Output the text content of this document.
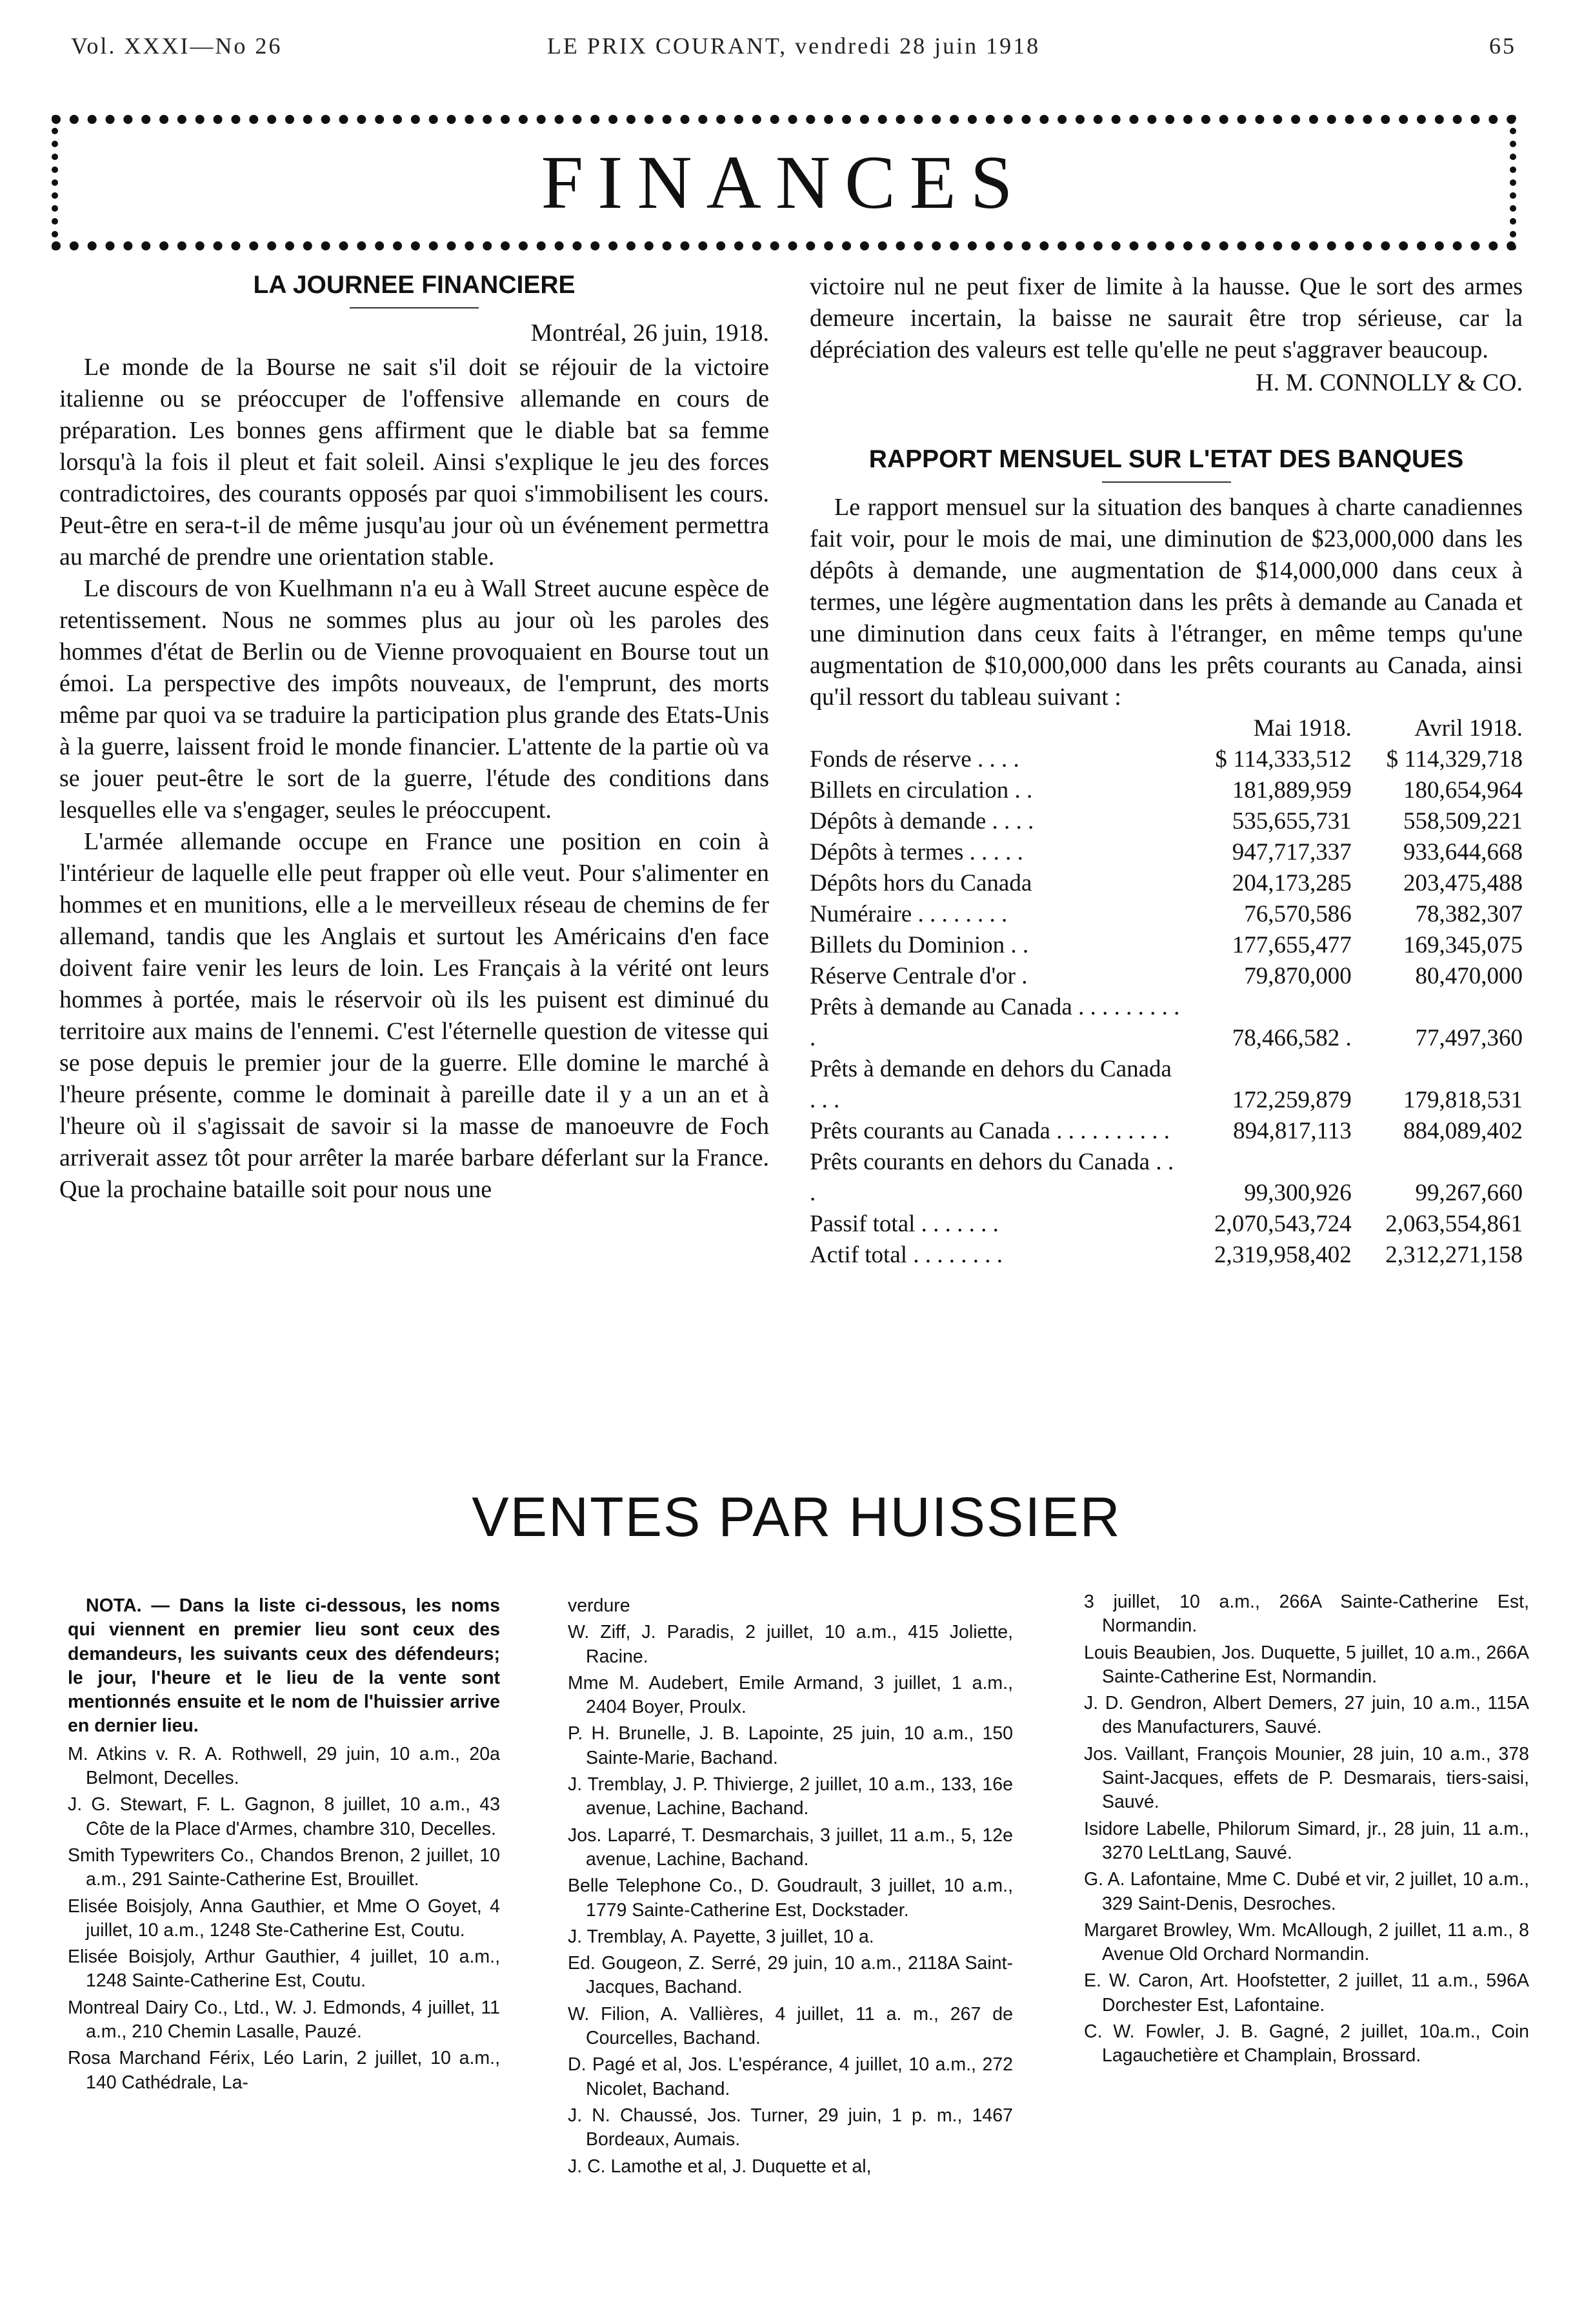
Vol. XXXI—No 26	LE PRIX COURANT, vendredi 28 juin 1918	65
FINANCES
LA JOURNEE FINANCIERE
Montréal, 26 juin, 1918.

Le monde de la Bourse ne sait s'il doit se réjouir de la victoire italienne ou se préoccuper de l'offensive allemande en cours de préparation. Les bonnes gens affirment que le diable bat sa femme lorsqu'à la fois il pleut et fait soleil. Ainsi s'explique le jeu des forces contradictoires, des courants opposés par quoi s'immobilisent les cours. Peut-être en sera-t-il de même jusqu'au jour où un événement permettra au marché de prendre une orientation stable.

Le discours de von Kuelhmann n'a eu à Wall Street aucune espèce de retentissement. Nous ne sommes plus au jour où les paroles des hommes d'état de Berlin ou de Vienne provoquaient en Bourse tout un émoi. La perspective des impôts nouveaux, de l'emprunt, des morts même par quoi va se traduire la participation plus grande des Etats-Unis à la guerre, laissent froid le monde financier. L'attente de la partie où va se jouer peut-être le sort de la guerre, l'étude des conditions dans lesquelles elle va s'engager, seules le préoccupent.

L'armée allemande occupe en France une position en coin à l'intérieur de laquelle elle peut frapper où elle veut. Pour s'alimenter en hommes et en munitions, elle a le merveilleux réseau de chemins de fer allemand, tandis que les Anglais et surtout les Américains d'en face doivent faire venir les leurs de loin. Les Français à la vérité ont leurs hommes à portée, mais le réservoir où ils les puisent est diminué du territoire aux mains de l'ennemi. C'est l'éternelle question de vitesse qui se pose depuis le premier jour de la guerre. Elle domine le marché à l'heure présente, comme le dominait à pareille date il y a un an et à l'heure où il s'agissait de savoir si la masse de manoeuvre de Foch arriverait assez tôt pour arrêter la marée barbare déferlant sur la France. Que la prochaine bataille soit pour nous une

victoire nul ne peut fixer de limite à la hausse. Que le sort des armes demeure incertain, la baisse ne saurait être trop sérieuse, car la dépréciation des valeurs est telle qu'elle ne peut s'aggraver beaucoup.

H. M. CONNOLLY & CO.
RAPPORT MENSUEL SUR L'ETAT DES BANQUES

Le rapport mensuel sur la situation des banques à charte canadiennes fait voir, pour le mois de mai, une diminution de $23,000,000 dans les dépôts à demande, une augmentation de $14,000,000 dans ceux à termes, une légère augmentation dans les prêts à demande au Canada et une diminution dans ceux faits à l'étranger, en même temps qu'une augmentation de $10,000,000 dans les prêts courants au Canada, ainsi qu'il ressort du tableau suivant :

	Mai 1918.	Avril 1918.
Fonds de réserve . . . .	$ 114,333,512	$ 114,329,718
Billets en circulation . .	181,889,959	180,654,964
Dépôts à demande . . . .	535,655,731	558,509,221
Dépôts à termes . . . . .	947,717,337	933,644,668
Dépôts hors du Canada	204,173,285	203,475,488
Numéraire . . . . . . . .	76,570,586	78,382,307
Billets du Dominion . .	177,655,477	169,345,075
Réserve Centrale d'or .	79,870,000	80,470,000
Prêts à demande au Canada . . . . . . . . . .	78,466,582 .	77,497,360
Prêts à demande en dehors du Canada . . .	172,259,879	179,818,531
Prêts courants au Canada . . . . . . . . . .	894,817,113	884,089,402
Prêts courants en dehors du Canada . . .	99,300,926	99,267,660
Passif total . . . . . . .	2,070,543,724	2,063,554,861
Actif total . . . . . . . .	2,319,958,402	2,312,271,158
VENTES PAR HUISSIER
NOTA. — Dans la liste ci-dessous, les noms qui viennent en premier lieu sont ceux des demandeurs, les suivants ceux des défendeurs; le jour, l'heure et le lieu de la vente sont mentionnés ensuite et le nom de l'huissier arrive en dernier lieu.
M. Atkins v. R. A. Rothwell, 29 juin, 10 a.m., 20a Belmont, Decelles.
J. G. Stewart, F. L. Gagnon, 8 juillet, 10 a.m., 43 Côte de la Place d'Armes, chambre 310, Decelles.
Smith Typewriters Co., Chandos Brenon, 2 juillet, 10 a.m., 291 Sainte-Catherine Est, Brouillet.
Elisée Boisjoly, Anna Gauthier, et Mme O Goyet, 4 juillet, 10 a.m., 1248 Ste-Catherine Est, Coutu.
Elisée Boisjoly, Arthur Gauthier, 4 juillet, 10 a.m., 1248 Sainte-Catherine Est, Coutu.
Montreal Dairy Co., Ltd., W. J. Edmonds, 4 juillet, 11 a.m., 210 Chemin Lasalle, Pauzé.
Rosa Marchand Férix, Léo Larin, 2 juillet, 10 a.m., 140 Cathédrale, La-
verdure
W. Ziff, J. Paradis, 2 juillet, 10 a.m., 415 Joliette, Racine.
Mme M. Audebert, Emile Armand, 3 juillet, 1 a.m., 2404 Boyer, Proulx.
P. H. Brunelle, J. B. Lapointe, 25 juin, 10 a.m., 150 Sainte-Marie, Bachand.
J. Tremblay, J. P. Thivierge, 2 juillet, 10 a.m., 133, 16e avenue, Lachine, Bachand.
Jos. Laparré, T. Desmarchais, 3 juillet, 11 a.m., 5, 12e avenue, Lachine, Bachand.
Belle Telephone Co., D. Goudrault, 3 juillet, 10 a.m., 1779 Sainte-Catherine Est, Dockstader.
J. Tremblay, A. Payette, 3 juillet, 10 a.
Ed. Gougeon, Z. Serré, 29 juin, 10 a.m., 2118A Saint-Jacques, Bachand.
W. Filion, A. Vallières, 4 juillet, 11 a. m., 267 de Courcelles, Bachand.
D. Pagé et al, Jos. L'espérance, 4 juillet, 10 a.m., 272 Nicolet, Bachand.
J. N. Chaussé, Jos. Turner, 29 juin, 1 p. m., 1467 Bordeaux, Aumais.
J. C. Lamothe et al, J. Duquette et al,
3 juillet, 10 a.m., 266A Sainte-Catherine Est, Normandin.
Louis Beaubien, Jos. Duquette, 5 juillet, 10 a.m., 266A Sainte-Catherine Est, Normandin.
J. D. Gendron, Albert Demers, 27 juin, 10 a.m., 115A des Manufacturers, Sauvé.
Jos. Vaillant, François Mounier, 28 juin, 10 a.m., 378 Saint-Jacques, effets de P. Desmarais, tiers-saisi, Sauvé.
Isidore Labelle, Philorum Simard, jr., 28 juin, 11 a.m., 3270 LeLtLang, Sauvé.
G. A. Lafontaine, Mme C. Dubé et vir, 2 juillet, 10 a.m., 329 Saint-Denis, Desroches.
Margaret Browley, Wm. McAllough, 2 juillet, 11 a.m., 8 Avenue Old Orchard Normandin.
E. W. Caron, Art. Hoofstetter, 2 juillet, 11 a.m., 596A Dorchester Est, Lafontaine.
C. W. Fowler, J. B. Gagné, 2 juillet, 10a.m., Coin Lagauchetière et Champlain, Brossard.
